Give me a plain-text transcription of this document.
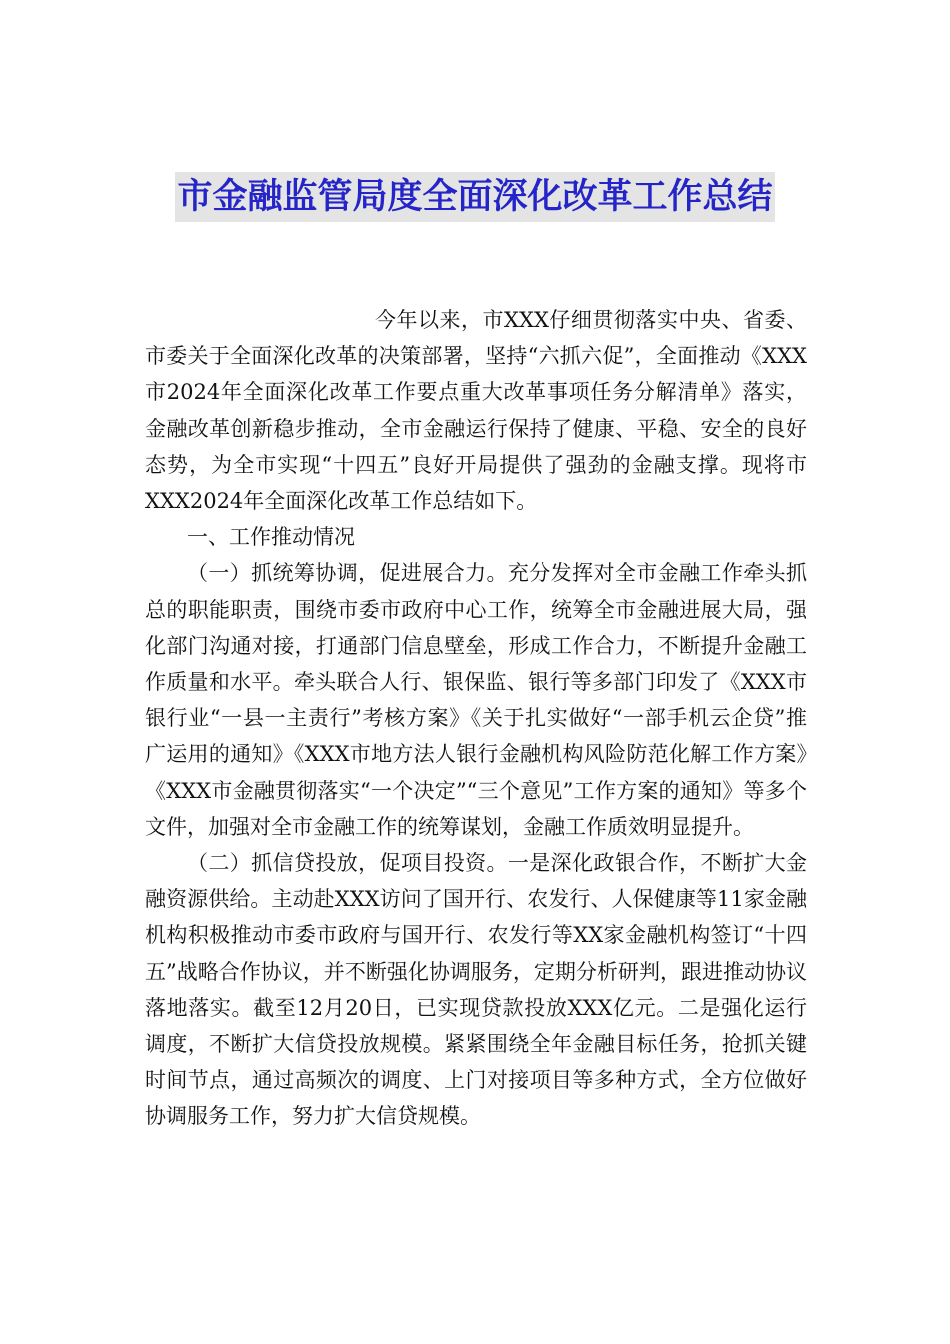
市金融监管局度全面深化改革工作总结

今年以来，市XXX仔细贯彻落实中央、省委、市委关于全面深化改革的决策部署，坚持“六抓六促”，全面推动《XXX市2024年全面深化改革工作要点重大改革事项任务分解清单》落实，金融改革创新稳步推动，全市金融运行保持了健康、平稳、安全的良好态势，为全市实现“十四五”良好开局提供了强劲的金融支撑。现将市XXX2024年全面深化改革工作总结如下。

一、工作推动情况

（一）抓统筹协调，促进展合力。充分发挥对全市金融工作牵头抓总的职能职责，围绕市委市政府中心工作，统筹全市金融进展大局，强化部门沟通对接，打通部门信息壁垒，形成工作合力，不断提升金融工作质量和水平。牵头联合人行、银保监、银行等多部门印发了《XXX市银行业“一县一主责行”考核方案》《关于扎实做好“一部手机云企贷”推广运用的通知》《XXX市地方法人银行金融机构风险防范化解工作方案》《XXX市金融贯彻落实“一个决定”“三个意见”工作方案的通知》等多个文件，加强对全市金融工作的统筹谋划，金融工作质效明显提升。

（二）抓信贷投放，促项目投资。一是深化政银合作，不断扩大金融资源供给。主动赴XXX访问了国开行、农发行、人保健康等11家金融机构积极推动市委市政府与国开行、农发行等XX家金融机构签订“十四五”战略合作协议，并不断强化协调服务，定期分析研判，跟进推动协议落地落实。截至12月20日，已实现贷款投放XXX亿元。二是强化运行调度，不断扩大信贷投放规模。紧紧围绕全年金融目标任务，抢抓关键时间节点，通过高频次的调度、上门对接项目等多种方式，全方位做好协调服务工作，努力扩大信贷规模。
